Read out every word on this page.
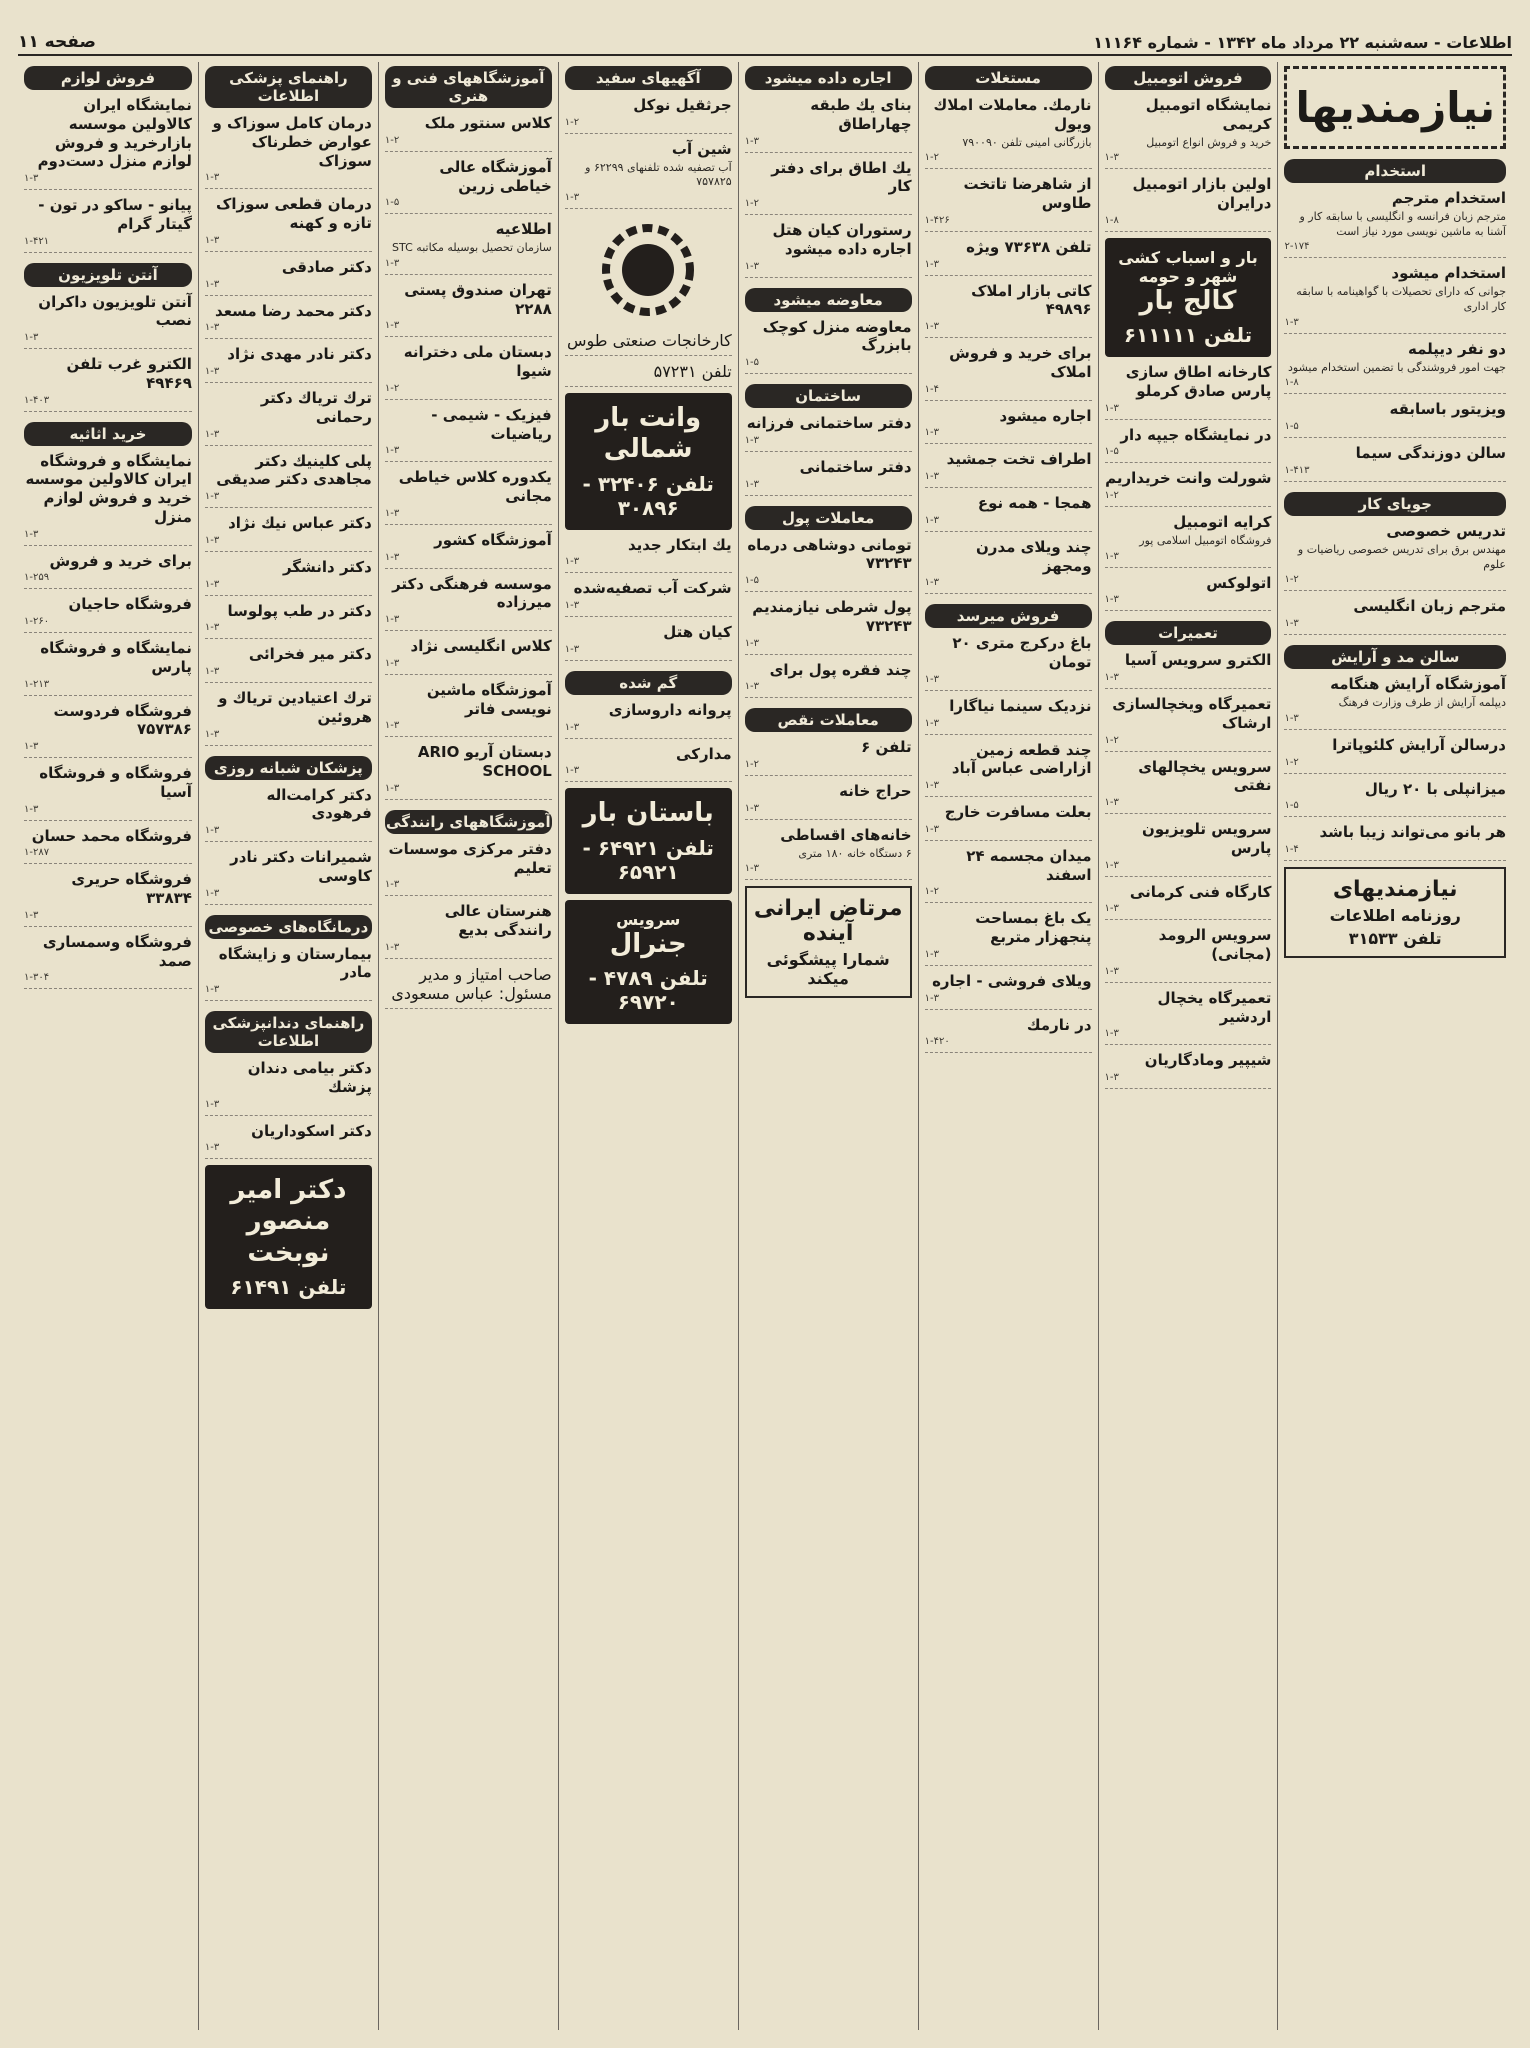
اطلاعات - سه‌شنبه ۲۲ مرداد ماه ۱۳۴۲ - شماره ۱۱۱۶۴
صفحه ۱۱
نیازمندیها
استخدام
استخدام مترجم
مترجم زبان فرانسه و انگلیسی با سابقه کار و آشنا به ماشین نویسی مورد نیاز است
۲-۱۷۴
استخدام میشود
جوانی که دارای تحصیلات با گواهینامه با سابقه کار اداری
۱-۳
دو نفر دیپلمه
جهت امور فروشندگی با تضمین استخدام میشود
۱-۸
ویزیتور باسابقه
۱-۵
سالن دوزندگی سیما
۱-۴۱۳
جویای کار
تدریس خصوصی
مهندس برق برای تدریس خصوصی ریاضیات و علوم
۱-۲
مترجم زبان انگلیسی
۱-۳
سالن مد و آرایش
آموزشگاه آرایش هنگامه
دیپلمه آرایش از طرف وزارت فرهنگ
۱-۳
درسالن آرایش کلئوپاترا
۱-۲
میزانپلی با ۲۰ ریال
۱-۵
هر بانو می‌تواند زیبا باشد
۱-۴
نیازمندیهای
روزنامه اطلاعات
تلفن ۳۱۵۳۳
فروش اتومبیل
نمایشگاه اتومبیل کریمی
خرید و فروش انواع اتومبیل
۱-۳
اولین بازار اتومبیل درایران
۱-۸
بار و اسباب کشی شهر و حومه
کالج بار
تلفن ۶۱۱۱۱۱
کارخانه اطاق سازی پارس صادق کرملو
۱-۳
در نمایشگاه جیپه دار
۱-۵
شورلت وانت خریداریم
۱-۲
کرایه اتومبیل
فروشگاه اتومبیل اسلامی پور
۱-۳
اتولوکس
۱-۳
تعمیرات
الکترو سرویس آسیا
۱-۳
تعمیرگاه ویخچالسازی ارشاک
۱-۲
سرویس یخچالهای نفتی
۱-۳
سرویس تلویزیون پارس
۱-۳
کارگاه فنی کرمانی
۱-۳
سرویس الرومد (مجانی)
۱-۳
تعمیرگاه یخچال اردشیر
۱-۳
شیپیر ومادگاریان
۱-۳
مستغلات
نارمك. معاملات املاك ویول
بازرگانی امینی تلفن ۷۹۰۰۹۰
۱-۲
از شاهرضا تاتخت طاوس
۱-۴۲۶
تلفن ۷۳۶۳۸ ویژه
۱-۳
کاتی بازار املاک ۴۹۸۹۶
۱-۳
برای خرید و فروش املاک
۱-۴
اجاره میشود
۱-۳
اطراف تخت جمشید
۱-۳
همجا - همه نوع
۱-۳
چند ویلای مدرن ومجهز
۱-۳
فروش میرسد
باغ درکرج متری ۲۰ تومان
۱-۳
نزدیک سینما نیاگارا
۱-۳
چند قطعه زمین ازاراضی عباس آباد
۱-۳
بعلت مسافرت خارج
۱-۳
میدان مجسمه ۲۴ اسفند
۱-۲
یک باغ بمساحت پنجهزار متربع
۱-۳
ویلای فروشی - اجاره
۱-۳
در نارمك
۱-۴۲۰
اجاره داده میشود
بنای یك طبقه چهاراطاق
۱-۳
یك اطاق برای دفتر كار
۱-۲
رستوران کیان هتل اجاره داده میشود
۱-۳
معاوضه میشود
معاوضه منزل کوچک بابزرگ
۱-۵
ساختمان
دفتر ساختمانی فرزانه
۱-۳
دفتر ساختمانی
۱-۳
معاملات پول
تومانی دوشاهی درماه ۷۳۲۴۳
۱-۵
پول شرطی نیازمندیم ۷۳۲۴۳
۱-۳
چند فقره پول برای
۱-۳
معاملات نقص
تلفن ۶
۱-۲
حراج خانه
۱-۳
خانه‌های اقساطی
۶ دستگاه خانه ۱۸۰ متری
۱-۳
مرتاض ایرانی آینده
شمارا پیشگوئی میکند
آگهیهای سفید
جرثقیل نوکل
۱-۲
شین آب
آب تصفیه شده تلفنهای ۶۲۲۹۹ و ۷۵۷۸۲۵
۱-۳
کارخانجات صنعتی طوس
تلفن ۵۷۲۳۱
وانت بار شمالی
تلفن ۳۲۴۰۶ - ۳۰۸۹۶
یك ابتكار جدید
۱-۳
شرکت آب تصفیه‌شده
۱-۳
کیان هتل
۱-۳
گم شده
پروانه داروسازی
۱-۳
مدارکی
۱-۳
باستان بار
تلفن ۶۴۹۲۱ - ۶۵۹۲۱
سرویس
جنرال
تلفن ۴۷۸۹ - ۶۹۷۲۰
آموزشگاههای فنی و هنری
کلاس سنتور ملک
۱-۲
آموزشگاه عالی خیاطی زرین
۱-۵
اطلاعیه
سازمان تحصیل بوسیله مکاتبه STC
۱-۳
تهران صندوق پستی ۲۲۸۸
۱-۳
دبستان ملی دخترانه شیوا
۱-۲
فیزیک - شیمی - ریاضیات
۱-۳
یکدوره کلاس خیاطی مجانی
۱-۳
آموزشگاه کشور
۱-۳
موسسه فرهنگی دکتر میرزاده
۱-۳
کلاس انگلیسی نژاد
۱-۳
آموزشگاه ماشین نویسی فاتر
۱-۳
دبستان آریو ARIO SCHOOL
۱-۳
آموزشگاههای رانندگی
دفتر مرکزی موسسات تعلیم
۱-۳
هنرستان عالی رانندگی بدیع
۱-۳
صاحب امتیاز و مدیر مسئول: عباس مسعودی
راهنمای پزشکی اطلاعات
درمان کامل سوزاک و عوارض خطرناک سوزاک
۱-۳
درمان قطعی سوزاک تازه و کهنه
۱-۳
دکتر صادقی
۱-۳
دکتر محمد رضا مسعد
۱-۳
دکتر نادر مهدی نژاد
۱-۳
ترك تریاك دکتر رحمانی
۱-۳
پلی کلینیك دکتر مجاهدی دکتر صدیقی
۱-۳
دکتر عباس نیك نژاد
۱-۳
دکتر دانشگر
۱-۳
دکتر در طب پولوسا
۱-۳
دکتر میر فخرائی
۱-۳
ترك اعتیادین تریاك و هروئین
۱-۳
پزشکان شبانه روزی
دکتر کرامت‌اله فرهودی
۱-۳
شمیرانات دکتر نادر کاوسی
۱-۳
درمانگاه‌های خصوصی
بیمارستان و زایشگاه مادر
۱-۳
راهنمای دندانپزشکی اطلاعات
دکتر بیامی دندان پزشك
۱-۳
دکتر اسکوداریان
۱-۳
دکتر امیر منصور نوبخت
تلفن ۶۱۴۹۱
فروش لوازم
نمایشگاه ایران کالاولین موسسه بازارخرید و فروش لوازم منزل دست‌دوم
۱-۳
پیانو - ساکو در تون - گیتار گرام
۱-۴۲۱
آنتن تلویزیون
آنتن تلویزیون داکران نصب
۱-۳
الکترو غرب تلفن ۴۹۴۶۹
۱-۴۰۳
خرید اثاثیه
نمایشگاه و فروشگاه ایران کالاولین موسسه خرید و فروش لوازم منزل
۱-۳
برای خرید و فروش
۱-۲۵۹
فروشگاه حاجیان
۱-۲۶۰
نمایشگاه و فروشگاه پارس
۱-۲۱۳
فروشگاه فردوست ۷۵۷۳۸۶
۱-۳
فروشگاه و فروشگاه آسیا
۱-۳
فروشگاه محمد حسان
۱-۲۸۷
فروشگاه حریری ۳۳۸۳۴
۱-۳
فروشگاه وسمساری صمد
۱-۳۰۴
